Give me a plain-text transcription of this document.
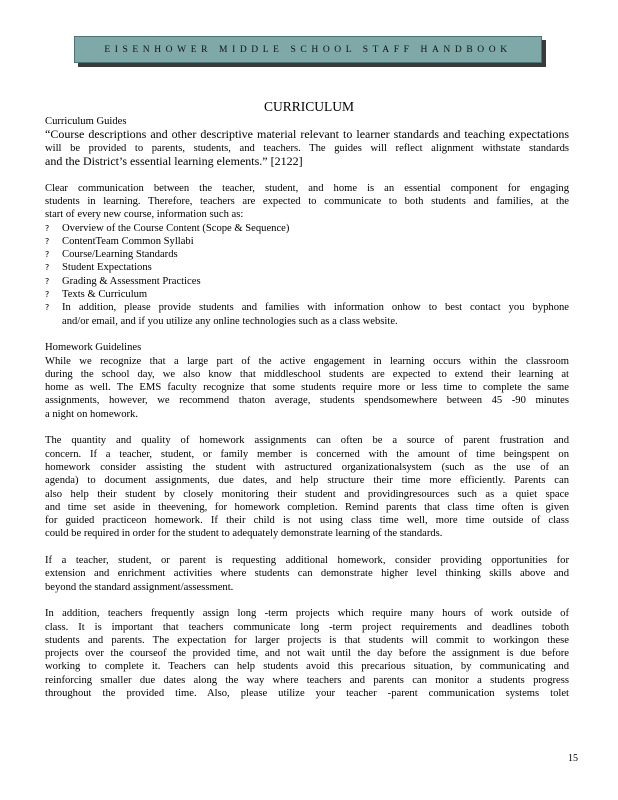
EISENHOWER MIDDLE SCHOOL STAFF HANDBOOK
CURRICULUM
Curriculum Guides
“Course descriptions and other descriptive material relevant to learner standards and teaching expectations
will be provided to parents, students, and teachers. The guides will reflect alignment withstate standards
and the District’s essential learning elements.” [2122]
Clear communication between the teacher, student, and home is an essential component for engaging
students in learning. Therefore, teachers are expected to communicate to both students and families, at the
start of every new course, information such as:
? Overview of the Course Content (Scope & Sequence)
? ContentTeam Common Syllabi
? Course/Learning Standards
? Student Expectations
? Grading & Assessment Practices
? Texts & Curriculum
? In addition, please provide students and families with information onhow to best contact you byphone
and/or email, and if you utilize any online technologies such as a class website.
Homework Guidelines
While we recognize that a large part of the active engagement in learning occurs within the classroom
during the school day, we also know that middleschool students are expected to extend their learning at
home as well. The EMS faculty recognize that some students require more or less time to complete the same
assignments, however, we recommend thaton average, students spendsomewhere between 45 -90 minutes
a night on homework.
The quantity and quality of homework assignments can often be a source of parent frustration and
concern. If a teacher, student, or family member is concerned with the amount of time beingspent on
homework consider assisting the student with astructured organizationalsystem (such as the use of an
agenda) to document assignments, due dates, and help structure their time more efficiently. Parents can
also help their student by closely monitoring their student and providingresources such as a quiet space
and time set aside in theevening, for homework completion. Remind parents that class time often is given
for guided practiceon homework. If their child is not using class time well, more time outside of class
could be required in order for the student to adequately demonstrate learning of the standards.
If a teacher, student, or parent is requesting additional homework, consider providing opportunities for
extension and enrichment activities where students can demonstrate higher level thinking skills above and
beyond the standard assignment/assessment.
In addition, teachers frequently assign long -term projects which require many hours of work outside of
class. It is important that teachers communicate long -term project requirements and deadlines toboth
students and parents. The expectation for larger projects is that students will commit to workingon these
projects over the courseof the provided time, and not wait until the day before the assignment is due before
working to complete it. Teachers can help students avoid this precarious situation, by communicating and
reinforcing smaller due dates along the way where teachers and parents can monitor a students progress
throughout the provided time. Also, please utilize your teacher -parent communication systems tolet
15
